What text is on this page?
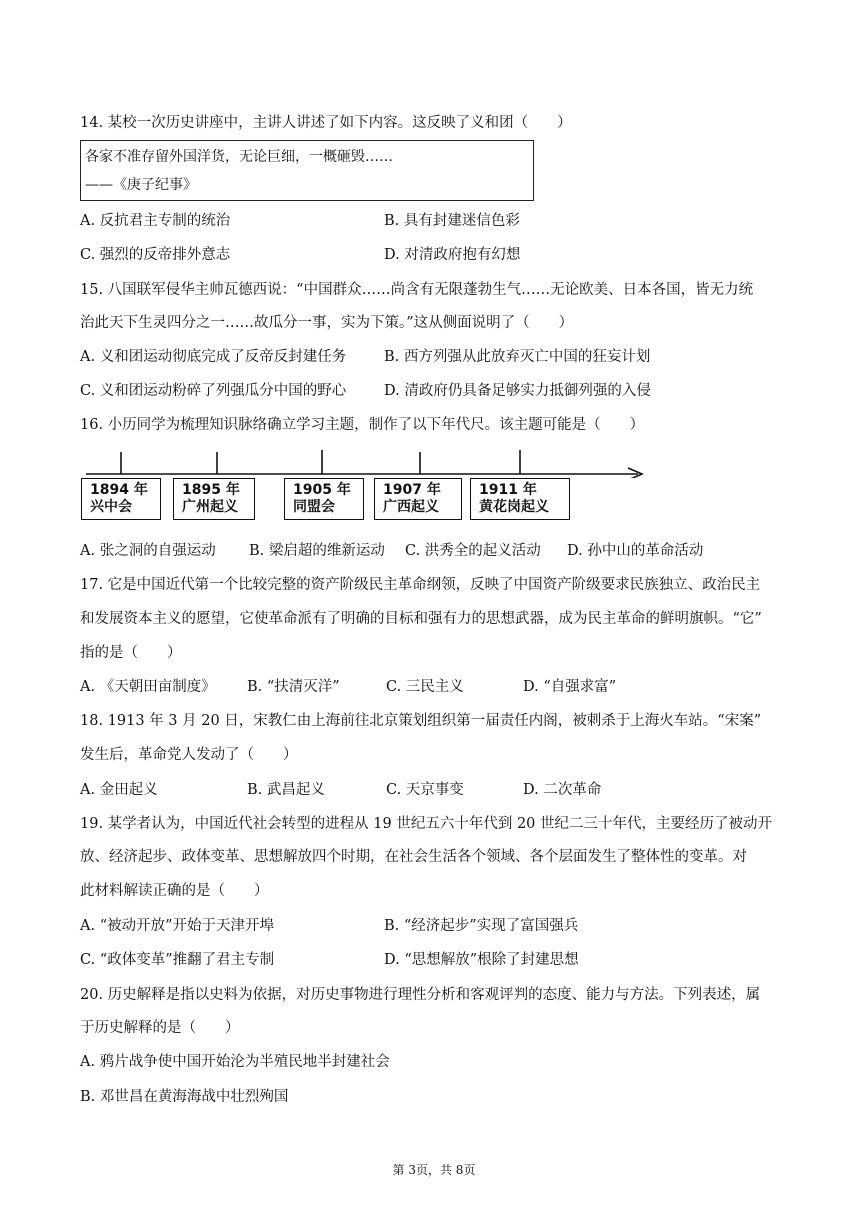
14. 某校一次历史讲座中，主讲人讲述了如下内容。这反映了义和团（　　）
各家不准存留外国洋货，无论巨细，一概砸毁……
——《庚子纪事》
A. 反抗君主专制的统治	B. 具有封建迷信色彩
C. 强烈的反帝排外意志	D. 对清政府抱有幻想
15. 八国联军侵华主帅瓦德西说：“中国群众……尚含有无限蓬勃生气……无论欧美、日本各国，皆无力统
治此天下生灵四分之一……故瓜分一事，实为下策。”这从侧面说明了（　　）
A. 义和团运动彻底完成了反帝反封建任务	B. 西方列强从此放弃灭亡中国的狂妄计划
C. 义和团运动粉碎了列强瓜分中国的野心	D. 清政府仍具备足够实力抵御列强的入侵
16. 小历同学为梳理知识脉络确立学习主题，制作了以下年代尺。该主题可能是（　　）
1894 年
兴中会
1895 年
广州起义
1905 年
同盟会
1907 年
广西起义
1911 年
黄花岗起义
A. 张之洞的自强运动 B. 梁启超的维新运动 C. 洪秀全的起义活动 D. 孙中山的革命活动
17. 它是中国近代第一个比较完整的资产阶级民主革命纲领，反映了中国资产阶级要求民族独立、政治民主
和发展资本主义的愿望，它使革命派有了明确的目标和强有力的思想武器，成为民主革命的鲜明旗帜。“它”
指的是（　　）
A. 《天朝田亩制度》 B. “扶清灭洋”	C. 三民主义	D. “自强求富”
18. 1913 年 3 月 20 日，宋教仁由上海前往北京策划组织第一届责任内阁，被刺杀于上海火车站。“宋案”
发生后，革命党人发动了（　　）
A. 金田起义	B. 武昌起义	C. 天京事变	D. 二次革命
19. 某学者认为，中国近代社会转型的进程从 19 世纪五六十年代到 20 世纪二三十年代，主要经历了被动开
放、经济起步、政体变革、思想解放四个时期，在社会生活各个领域、各个层面发生了整体性的变革。对
此材料解读正确的是（　　）
A. “被动开放”开始于天津开埠	B. “经济起步”实现了富国强兵
C. “政体变革”推翻了君主专制	D. “思想解放”根除了封建思想
20. 历史解释是指以史料为依据，对历史事物进行理性分析和客观评判的态度、能力与方法。下列表述，属
于历史解释的是（　　）
A. 鸦片战争使中国开始沦为半殖民地半封建社会
B. 邓世昌在黄海海战中壮烈殉国
第 3页，共 8页
